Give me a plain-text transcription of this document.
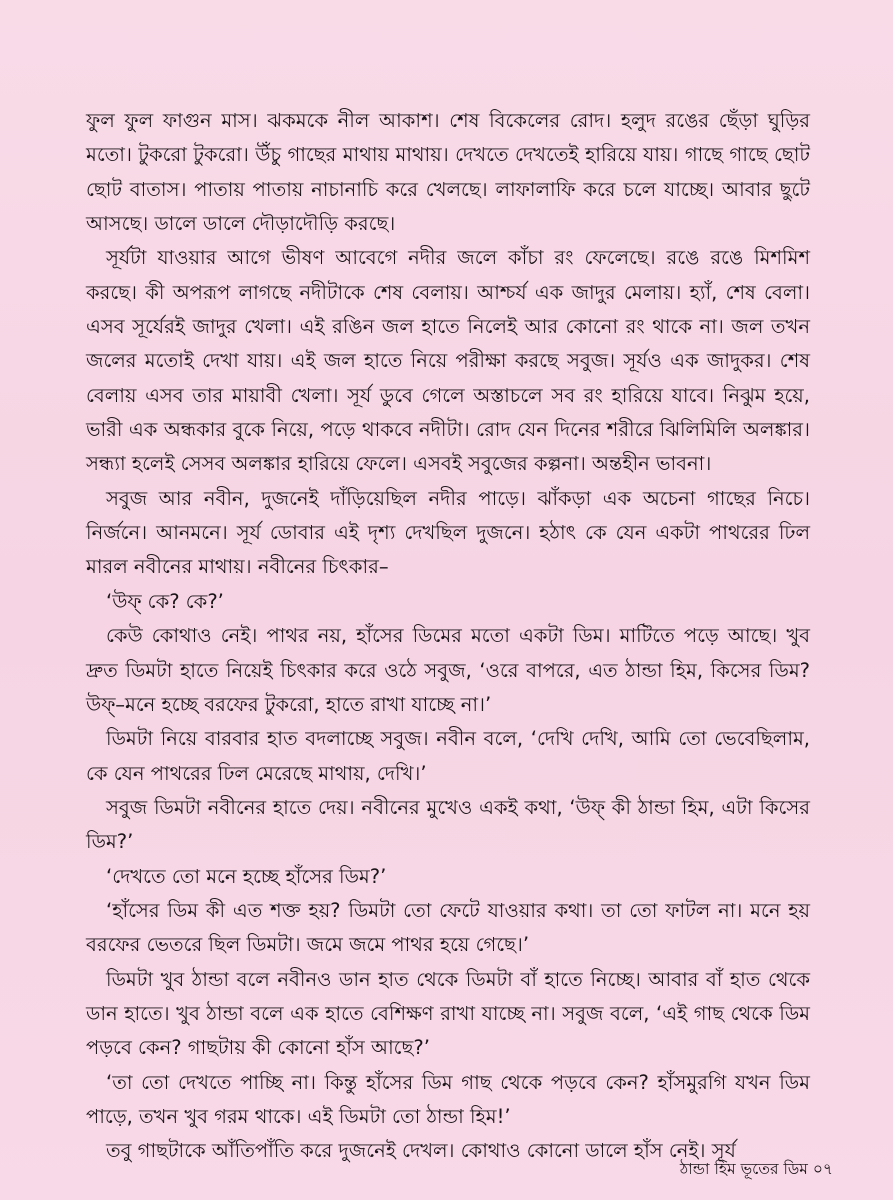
ফুল ফুল ফাগুন মাস। ঝকমকে নীল আকাশ। শেষ বিকেলের রোদ। হলুদ রঙের ছেঁড়া ঘুড়ির মতো। টুকরো টুকরো। উঁচু গাছের মাথায় মাথায়। দেখতে দেখতেই হারিয়ে যায়। গাছে গাছে ছোট ছোট বাতাস। পাতায় পাতায় নাচানাচি করে খেলছে। লাফালাফি করে চলে যাচ্ছে। আবার ছুটে আসছে। ডালে ডালে দৌড়াদৌড়ি করছে।

সূর্যটা যাওয়ার আগে ভীষণ আবেগে নদীর জলে কাঁচা রং ফেলেছে। রঙে রঙে মিশমিশ করছে। কী অপরূপ লাগছে নদীটাকে শেষ বেলায়। আশ্চর্য এক জাদুর মেলায়। হ্যাঁ, শেষ বেলা। এসব সূর্যেরই জাদুর খেলা। এই রঙিন জল হাতে নিলেই আর কোনো রং থাকে না। জল তখন জলের মতোই দেখা যায়। এই জল হাতে নিয়ে পরীক্ষা করছে সবুজ। সূর্যও এক জাদুকর। শেষ বেলায় এসব তার মায়াবী খেলা। সূর্য ডুবে গেলে অস্তাচলে সব রং হারিয়ে যাবে। নিঝুম হয়ে, ভারী এক অন্ধকার বুকে নিয়ে, পড়ে থাকবে নদীটা। রোদ যেন দিনের শরীরে ঝিলিমিলি অলঙ্কার। সন্ধ্যা হলেই সেসব অলঙ্কার হারিয়ে ফেলে। এসবই সবুজের কল্পনা। অন্তহীন ভাবনা।

সবুজ আর নবীন, দুজনেই দাঁড়িয়েছিল নদীর পাড়ে। ঝাঁকড়া এক অচেনা গাছের নিচে। নির্জনে। আনমনে। সূর্য ডোবার এই দৃশ্য দেখছিল দুজনে। হঠাৎ কে যেন একটা পাথরের ঢিল মারল নবীনের মাথায়। নবীনের চিৎকার–

‘উফ্ কে? কে?’

কেউ কোথাও নেই। পাথর নয়, হাঁসের ডিমের মতো একটা ডিম। মাটিতে পড়ে আছে। খুব দ্রুত ডিমটা হাতে নিয়েই চিৎকার করে ওঠে সবুজ, ‘ওরে বাপরে, এত ঠান্ডা হিম, কিসের ডিম? উফ্–মনে হচ্ছে বরফের টুকরো, হাতে রাখা যাচ্ছে না।’

ডিমটা নিয়ে বারবার হাত বদলাচ্ছে সবুজ। নবীন বলে, ‘দেখি দেখি, আমি তো ভেবেছিলাম, কে যেন পাথরের ঢিল মেরেছে মাথায়, দেখি।’

সবুজ ডিমটা নবীনের হাতে দেয়। নবীনের মুখেও একই কথা, ‘উফ্ কী ঠান্ডা হিম, এটা কিসের ডিম?’

‘দেখতে তো মনে হচ্ছে হাঁসের ডিম?’

‘হাঁসের ডিম কী এত শক্ত হয়? ডিমটা তো ফেটে যাওয়ার কথা। তা তো ফাটল না। মনে হয় বরফের ভেতরে ছিল ডিমটা। জমে জমে পাথর হয়ে গেছে।’

ডিমটা খুব ঠান্ডা বলে নবীনও ডান হাত থেকে ডিমটা বাঁ হাতে নিচ্ছে। আবার বাঁ হাত থেকে ডান হাতে। খুব ঠান্ডা বলে এক হাতে বেশিক্ষণ রাখা যাচ্ছে না। সবুজ বলে, ‘এই গাছ থেকে ডিম পড়বে কেন? গাছটায় কী কোনো হাঁস আছে?’

‘তা তো দেখতে পাচ্ছি না। কিন্তু হাঁসের ডিম গাছ থেকে পড়বে কেন? হাঁসমুরগি যখন ডিম পাড়ে, তখন খুব গরম থাকে। এই ডিমটা তো ঠান্ডা হিম!’

তবু গাছটাকে আঁতিপাঁতি করে দুজনেই দেখল। কোথাও কোনো ডালে হাঁস নেই। সূর্য

ঠান্ডা হিম ভূতের ডিম ০৭
